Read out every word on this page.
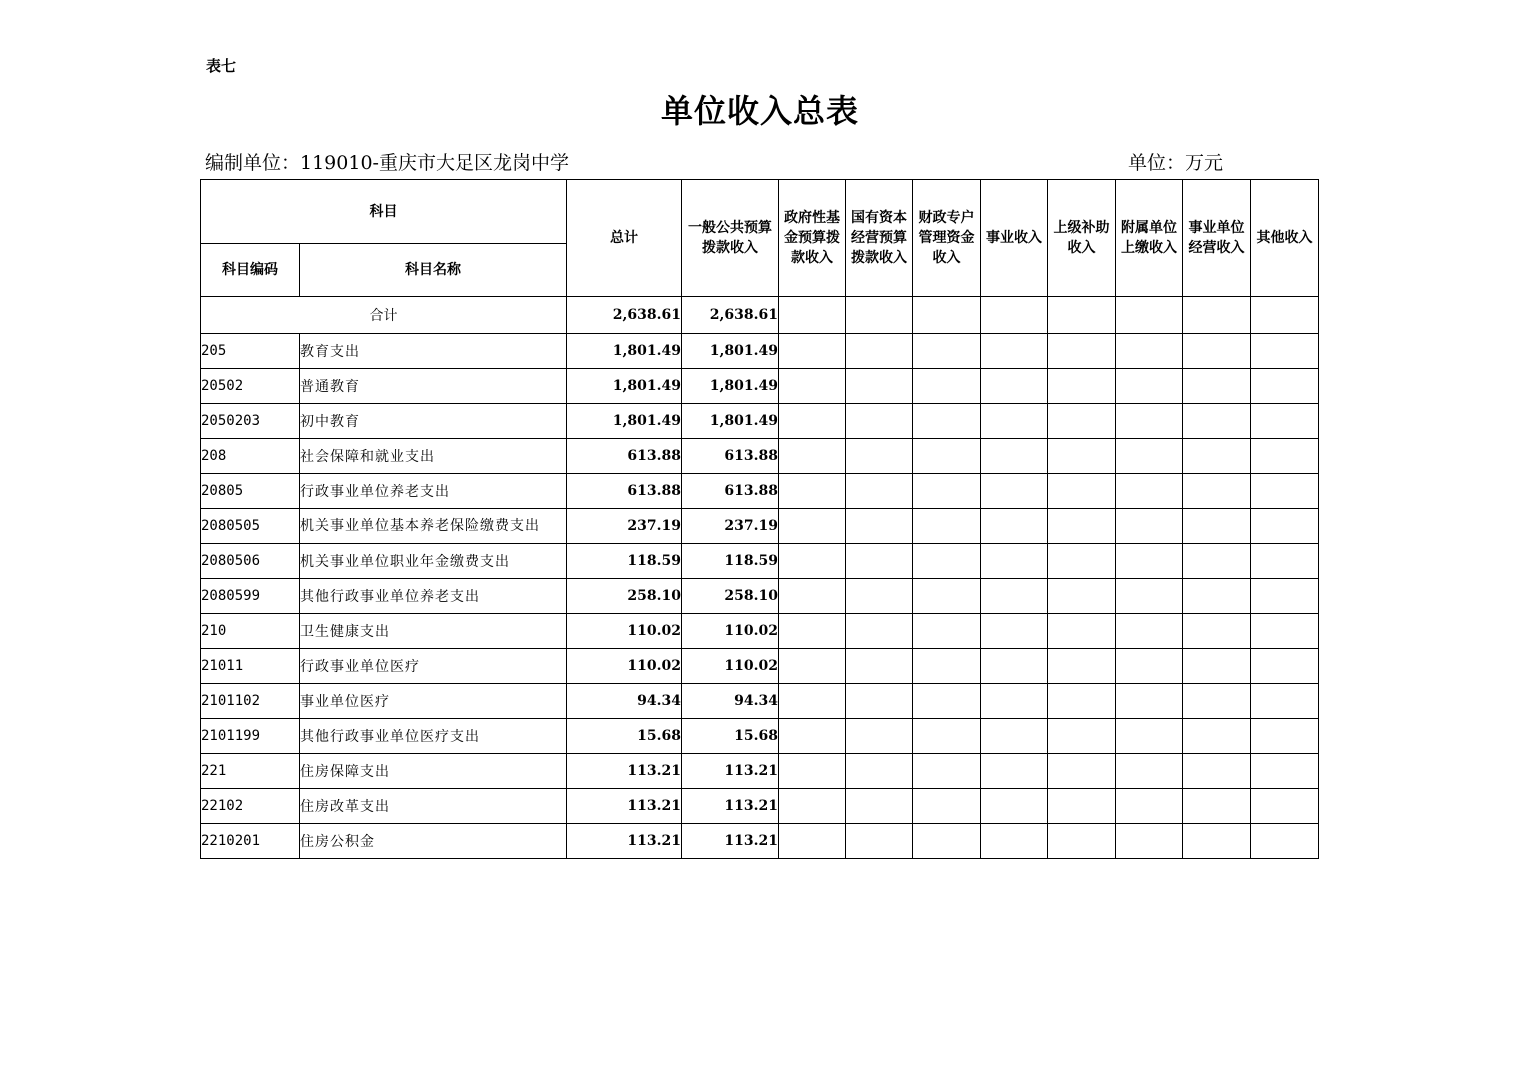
表七
单位收入总表
编制单位：119010-重庆市大足区龙岗中学	单位：万元
科目		总计	一般公共预算拨款收入	政府性基金预算拨款收入	国有资本经营预算拨款收入	财政专户管理资金收入	事业收入	上级补助收入	附属单位上缴收入	事业单位经营收入	其他收入
科目编码	科目名称										
合计		2,638.61	2,638.61								
205	教育支出	1,801.49	1,801.49								
20502	普通教育	1,801.49	1,801.49								
2050203	初中教育	1,801.49	1,801.49								
208	社会保障和就业支出	613.88	613.88								
20805	行政事业单位养老支出	613.88	613.88								
2080505	机关事业单位基本养老保险缴费支出	237.19	237.19								
2080506	机关事业单位职业年金缴费支出	118.59	118.59								
2080599	其他行政事业单位养老支出	258.10	258.10								
210	卫生健康支出	110.02	110.02								
21011	行政事业单位医疗	110.02	110.02								
2101102	事业单位医疗	94.34	94.34								
2101199	其他行政事业单位医疗支出	15.68	15.68								
221	住房保障支出	113.21	113.21								
22102	住房改革支出	113.21	113.21								
2210201	住房公积金	113.21	113.21								
